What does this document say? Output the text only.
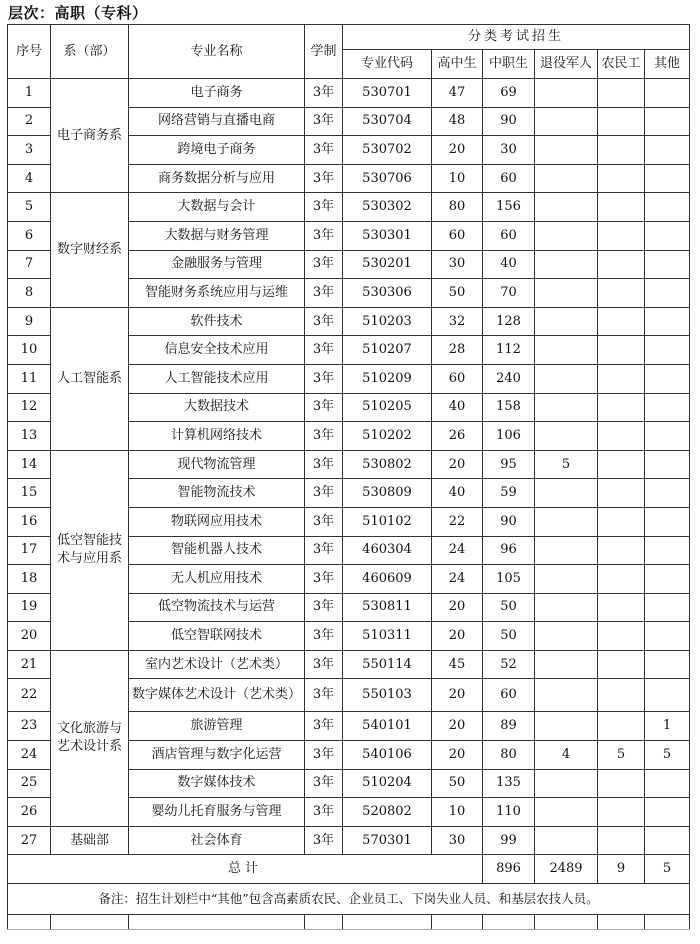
层次：高职（专科）
序号	系（部）	专业名称	学制	分类考试招生						
				专业代码	高中生	中职生	退役军人	农民工	其他	
1	电子商务系	电子商务	3年	530701	47	69				
2		网络营销与直播电商	3年	530704	48	90				
3		跨境电子商务	3年	530702	20	30				
4		商务数据分析与应用	3年	530706	10	60				
5	数字财经系	大数据与会计	3年	530302	80	156				
6		大数据与财务管理	3年	530301	60	60				
7		金融服务与管理	3年	530201	30	40				
8		智能财务系统应用与运维	3年	530306	50	70				
9	人工智能系	软件技术	3年	510203	32	128				
10		信息安全技术应用	3年	510207	28	112				
11		人工智能技术应用	3年	510209	60	240				
12		大数据技术	3年	510205	40	158				
13		计算机网络技术	3年	510202	26	106				
14	低空智能技术与应用系	现代物流管理	3年	530802	20	95	5			
15		智能物流技术	3年	530809	40	59				
16		物联网应用技术	3年	510102	22	90				
17		智能机器人技术	3年	460304	24	96				
18		无人机应用技术	3年	460609	24	105				
19		低空物流技术与运营	3年	530811	20	50				
20		低空智联网技术	3年	510311	20	50				
21	文化旅游与艺术设计系	室内艺术设计（艺术类）	3年	550114	45	52				
22		数字媒体艺术设计（艺术类）	3年	550103	20	60				
23		旅游管理	3年	540101	20	89			1	
24		酒店管理与数字化运营	3年	540106	20	80	4	5	5	
25		数字媒体技术	3年	510204	50	135				
26		婴幼儿托育服务与管理	3年	520802	10	110				
27	基础部	社会体育	3年	570301	30	99				
总计						896	2489	9	5	
备注：招生计划栏中“其他”包含高素质农民、企业员工、下岗失业人员、和基层农技人员。										
